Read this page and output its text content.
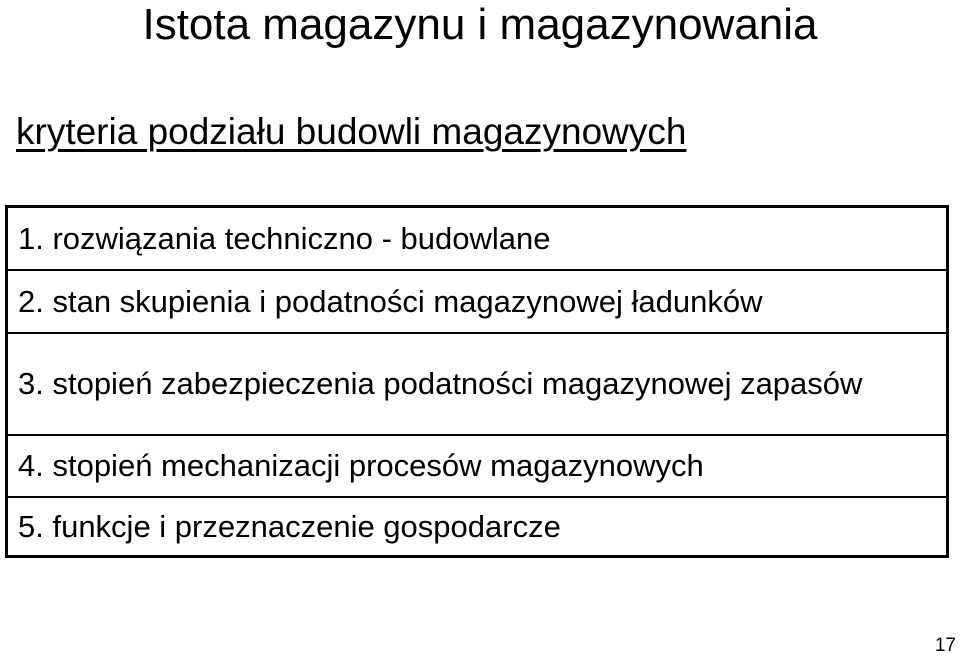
Istota magazynu i magazynowania

kryteria podziału budowli magazynowych

1. rozwiązania techniczno - budowlane
2. stan skupienia i podatności magazynowej ładunków
3. stopień zabezpieczenia podatności magazynowej zapasów
4. stopień mechanizacji procesów magazynowych
5. funkcje i przeznaczenie gospodarcze
17
